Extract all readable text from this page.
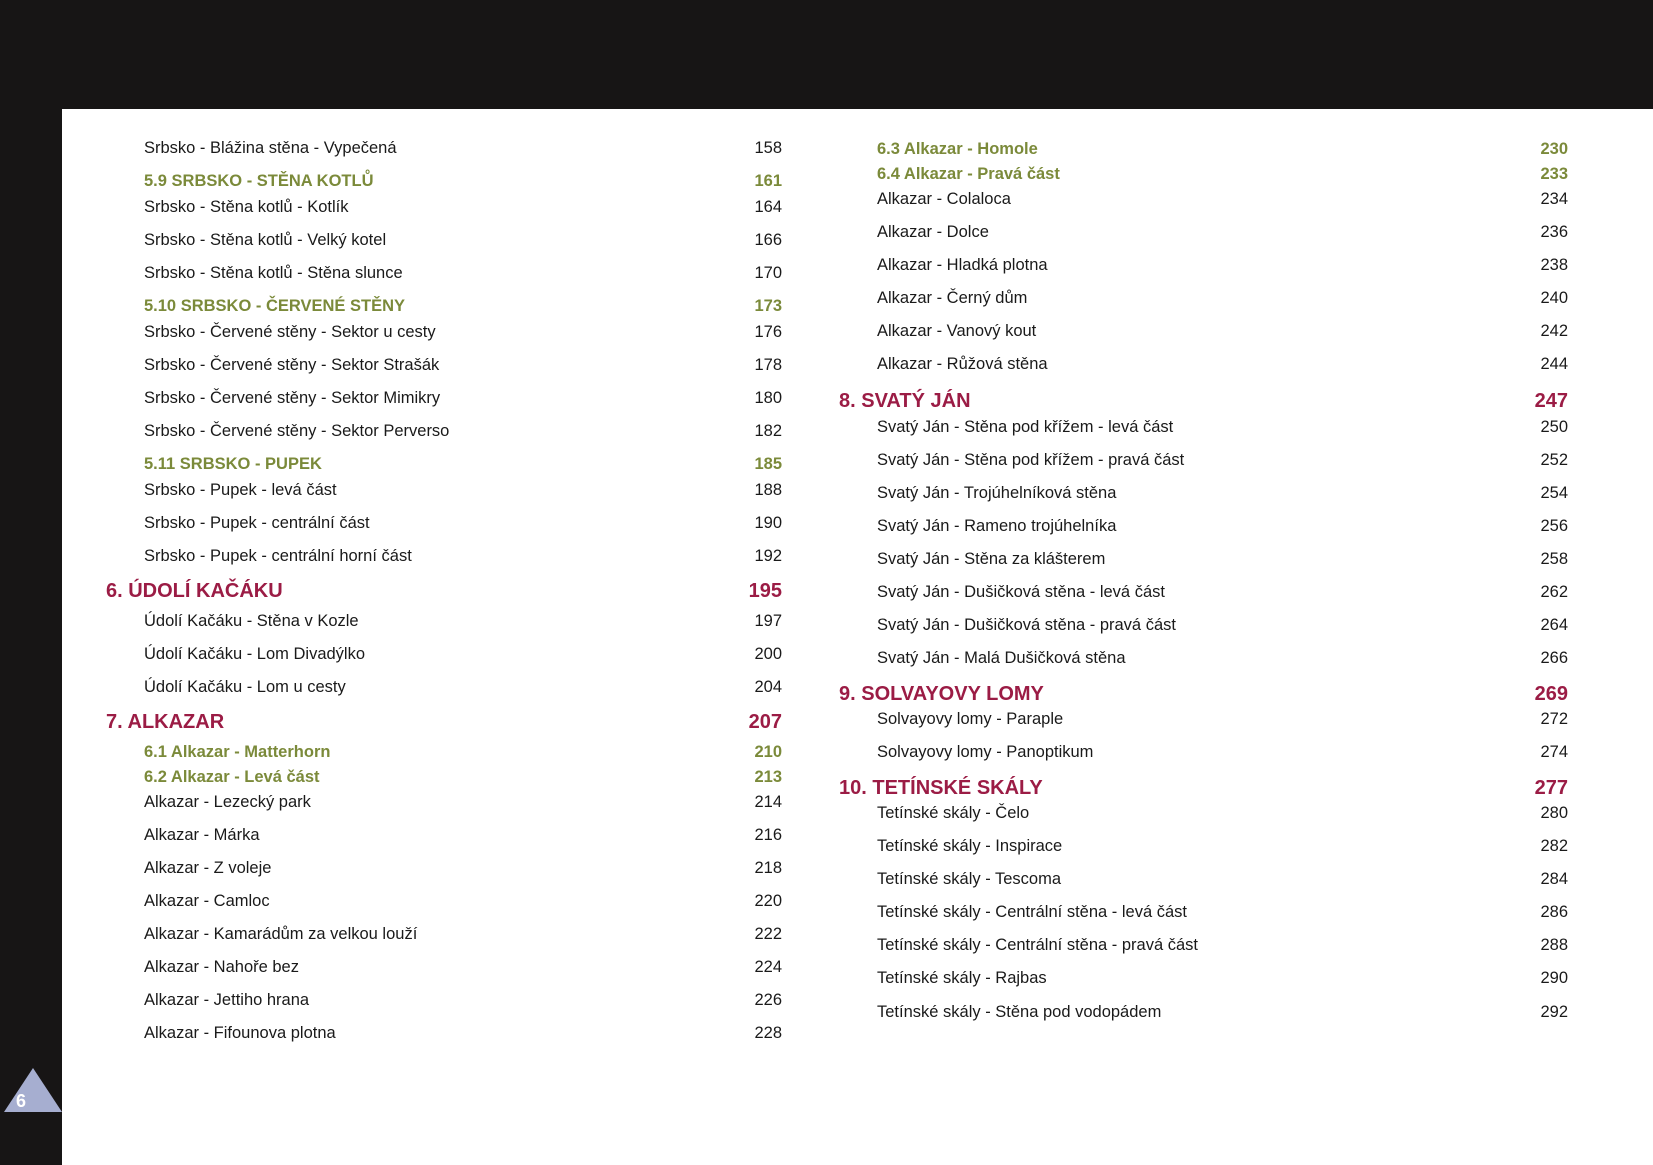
Srbsko - Blážina stěna - Vypečená	158
5.9 SRBSKO - STĚNA KOTLŮ	161
Srbsko - Stěna kotlů - Kotlík	164
Srbsko - Stěna kotlů - Velký kotel	166
Srbsko - Stěna kotlů - Stěna slunce	170
5.10 SRBSKO - ČERVENÉ STĚNY	173
Srbsko - Červené stěny - Sektor u cesty	176
Srbsko - Červené stěny - Sektor Strašák	178
Srbsko - Červené stěny - Sektor Mimikry	180
Srbsko - Červené stěny - Sektor Perverso	182
5.11 SRBSKO - PUPEK	185
Srbsko - Pupek - levá část	188
Srbsko - Pupek - centrální část	190
Srbsko - Pupek - centrální horní část	192
6. ÚDOLÍ KAČÁKU	195
Údolí Kačáku - Stěna v Kozle	197
Údolí Kačáku - Lom Divadýlko	200
Údolí Kačáku - Lom u cesty	204
7. ALKAZAR	207
6.1 Alkazar - Matterhorn	210
6.2 Alkazar - Levá část	213
Alkazar - Lezecký park	214
Alkazar - Márka	216
Alkazar - Z voleje	218
Alkazar - Camloc	220
Alkazar - Kamarádům za velkou louží	222
Alkazar - Nahoře bez	224
Alkazar - Jettiho hrana	226
Alkazar - Fifounova plotna	228
6.3 Alkazar - Homole	230
6.4 Alkazar - Pravá část	233
Alkazar - Colaloca	234
Alkazar - Dolce	236
Alkazar - Hladká plotna	238
Alkazar - Černý dům	240
Alkazar - Vanový kout	242
Alkazar - Růžová stěna	244
8. SVATÝ JÁN	247
Svatý Ján - Stěna pod křížem - levá část	250
Svatý Ján - Stěna pod křížem - pravá část	252
Svatý Ján - Trojúhelníková stěna	254
Svatý Ján - Rameno trojúhelníka	256
Svatý Ján - Stěna za klášterem	258
Svatý Ján - Dušičková stěna - levá část	262
Svatý Ján - Dušičková stěna - pravá část	264
Svatý Ján - Malá Dušičková stěna	266
9. SOLVAYOVY LOMY	269
Solvayovy lomy - Paraple	272
Solvayovy lomy - Panoptikum	274
10. TETÍNSKÉ SKÁLY	277
Tetínské skály - Čelo	280
Tetínské skály - Inspirace	282
Tetínské skály - Tescoma	284
Tetínské skály - Centrální stěna - levá část	286
Tetínské skály - Centrální stěna - pravá část	288
Tetínské skály - Rajbas	290
Tetínské skály - Stěna pod vodopádem	292
6
